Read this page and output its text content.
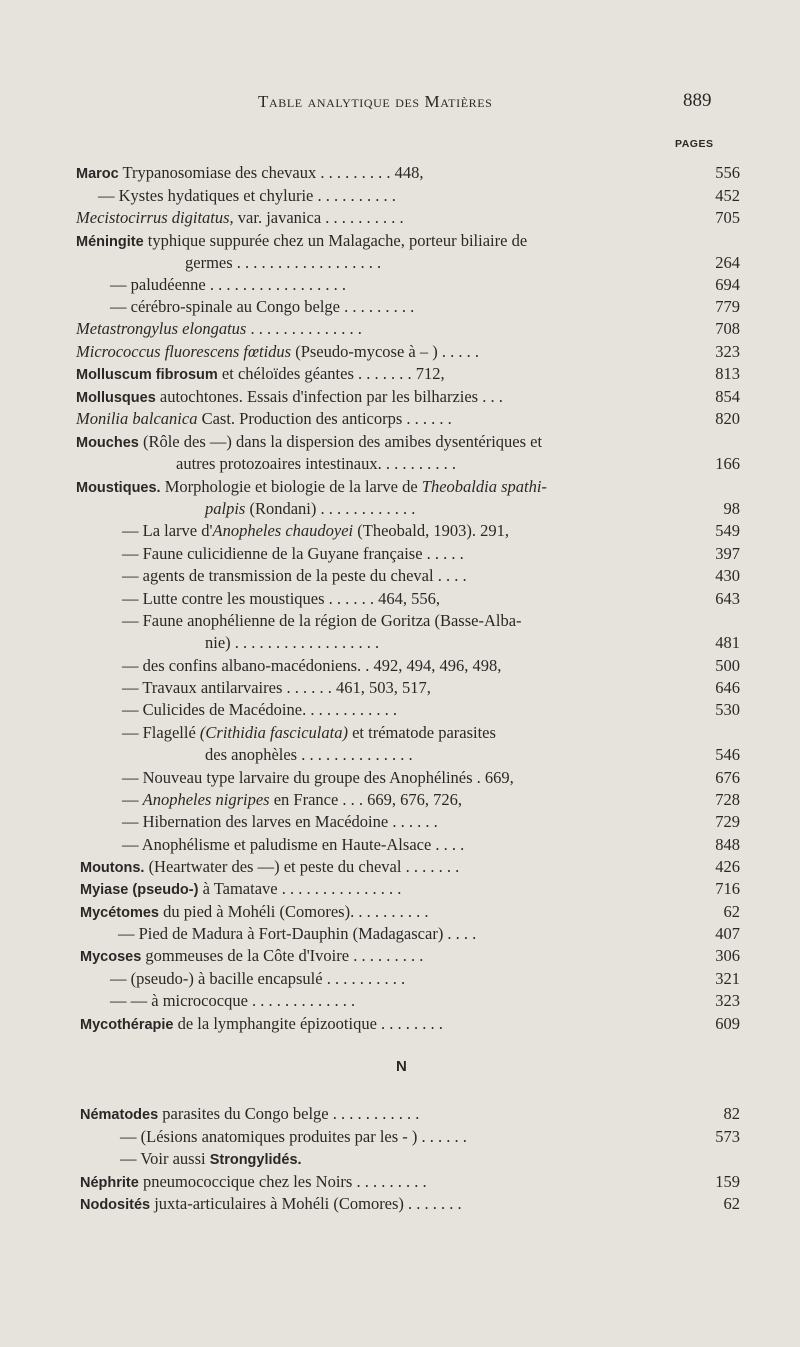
Table analytique des Matières	889
PAGES
N
Maroc Trypanosomiase des chevaux . . . . . . . . . 448,	556
— Kystes hydatiques et chylurie . . . . . . . . . .	452
Mecistocirrus digitatus, var. javanica . . . . . . . . . .	705
Méningite typhique suppurée chez un Malagache, porteur biliaire de
germes . . . . . . . . . . . . . . . . . .	264
— paludéenne . . . . . . . . . . . . . . . . .	694
— cérébro-spinale au Congo belge . . . . . . . . .	779
Metastrongylus elongatus . . . . . . . . . . . . . .	708
Micrococcus fluorescens fœtidus (Pseudo-mycose à – ) . . . . .	323
Molluscum fibrosum et chéloïdes géantes . . . . . . . 712,	813
Mollusques autochtones. Essais d'infection par les bilharzies . . .	854
Monilia balcanica Cast. Production des anticorps . . . . . .	820
Mouches (Rôle des —) dans la dispersion des amibes dysentériques et
autres protozoaires intestinaux. . . . . . . . . .	166
Moustiques. Morphologie et biologie de la larve de Theobaldia spathi-
palpis (Rondani) . . . . . . . . . . . .	98
— La larve d'Anopheles chaudoyei (Theobald, 1903). 291,	549
— Faune culicidienne de la Guyane française . . . . .	397
— agents de transmission de la peste du cheval . . . .	430
— Lutte contre les moustiques . . . . . . 464, 556,	643
— Faune anophélienne de la région de Goritza (Basse-Alba-
nie) . . . . . . . . . . . . . . . . . .	481
— des confins albano-macédoniens. . 492, 494, 496, 498,	500
— Travaux antilarvaires . . . . . . 461, 503, 517,	646
— Culicides de Macédoine. . . . . . . . . . . .	530
— Flagellé (Crithidia fasciculata) et trématode parasites
des anophèles . . . . . . . . . . . . . .	546
— Nouveau type larvaire du groupe des Anophélinés . 669,	676
— Anopheles nigripes en France . . . 669, 676, 726,	728
— Hibernation des larves en Macédoine . . . . . .	729
— Anophélisme et paludisme en Haute-Alsace . . . .	848
Moutons. (Heartwater des —) et peste du cheval . . . . . . .	426
Myiase (pseudo-) à Tamatave . . . . . . . . . . . . . . .	716
Mycétomes du pied à Mohéli (Comores). . . . . . . . . .	62
— Pied de Madura à Fort-Dauphin (Madagascar) . . . .	407
Mycoses gommeuses de la Côte d'Ivoire . . . . . . . . .	306
— (pseudo-) à bacille encapsulé . . . . . . . . . .	321
— — à micrococque . . . . . . . . . . . . .	323
Mycothérapie de la lymphangite épizootique . . . . . . . .	609
Nématodes parasites du Congo belge . . . . . . . . . . .	82
— (Lésions anatomiques produites par les - ) . . . . . .	573
— Voir aussi Strongylidés.
Néphrite pneumococcique chez les Noirs . . . . . . . . .	159
Nodosités juxta-articulaires à Mohéli (Comores) . . . . . . .	62
